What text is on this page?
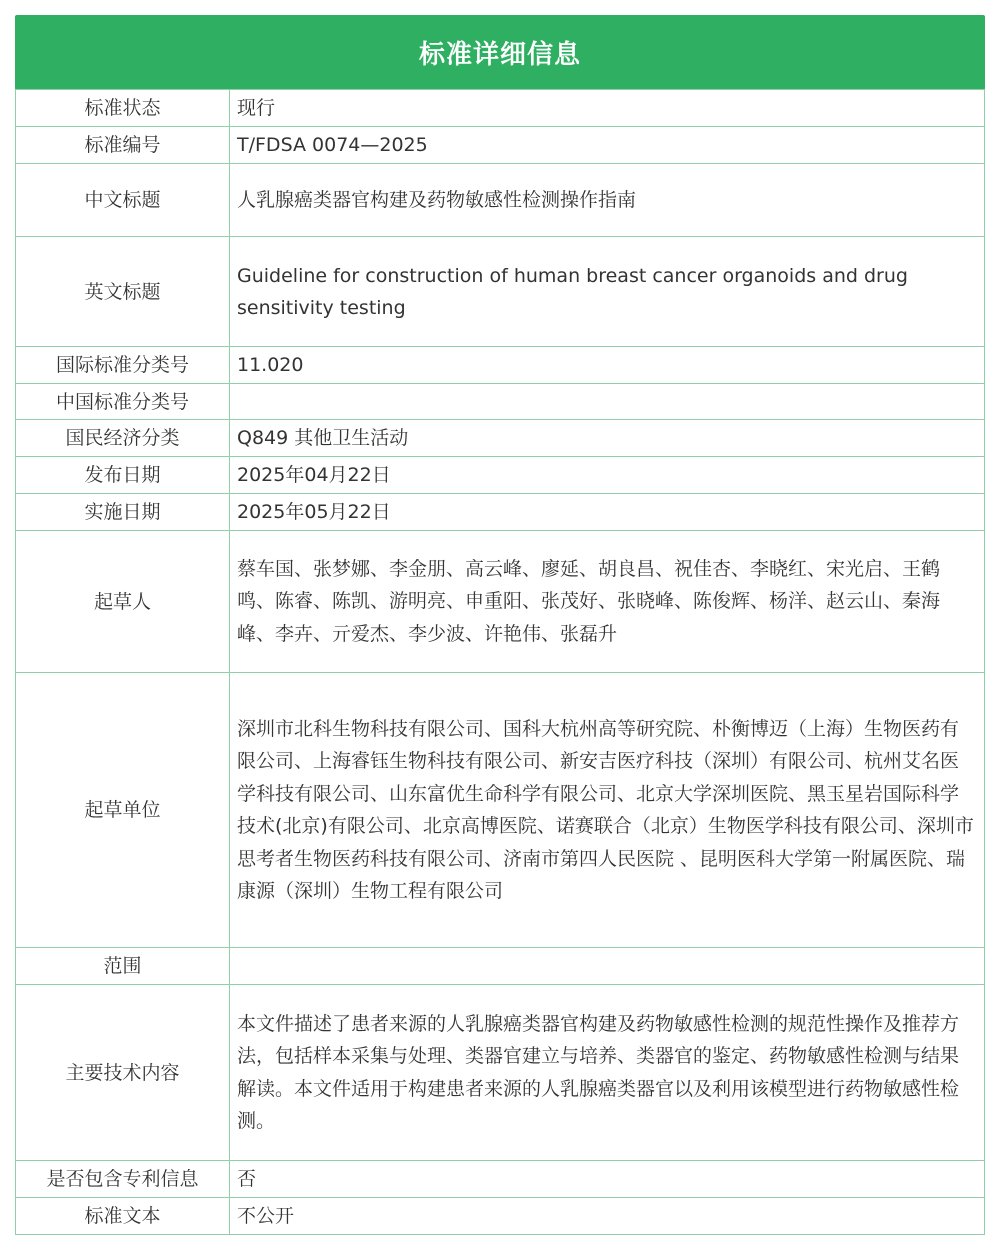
标准详细信息
标准状态	现行
标准编号	T/FDSA 0074—2025
中文标题	人乳腺癌类器官构建及药物敏感性检测操作指南
英文标题	Guideline for construction of human breast cancer organoids and drug sensitivity testing
国际标准分类号	11.020
中国标准分类号	
国民经济分类	Q849 其他卫生活动
发布日期	2025年04月22日
实施日期	2025年05月22日
起草人	蔡车国、张梦娜、李金朋、高云峰、廖延、胡良昌、祝佳杏、李晓红、宋光启、王鹤鸣、陈睿、陈凯、游明亮、申重阳、张茂好、张晓峰、陈俊辉、杨洋、赵云山、秦海峰、李卉、亓爱杰、李少波、许艳伟、张磊升
起草单位	深圳市北科生物科技有限公司、国科大杭州高等研究院、朴衡博迈（上海）生物医药有限公司、上海睿钰生物科技有限公司、新安吉医疗科技（深圳）有限公司、杭州艾名医学科技有限公司、山东富优生命科学有限公司、北京大学深圳医院、黑玉星岩国际科学技术(北京)有限公司、北京高博医院、诺赛联合（北京）生物医学科技有限公司、深圳市思考者生物医药科技有限公司、济南市第四人民医院 、昆明医科大学第一附属医院、瑞康源（深圳）生物工程有限公司
范围	
主要技术内容	本文件描述了患者来源的人乳腺癌类器官构建及药物敏感性检测的规范性操作及推荐方法，包括样本采集与处理、类器官建立与培养、类器官的鉴定、药物敏感性检测与结果解读。本文件适用于构建患者来源的人乳腺癌类器官以及利用该模型进行药物敏感性检测。
是否包含专利信息	否
标准文本	不公开
